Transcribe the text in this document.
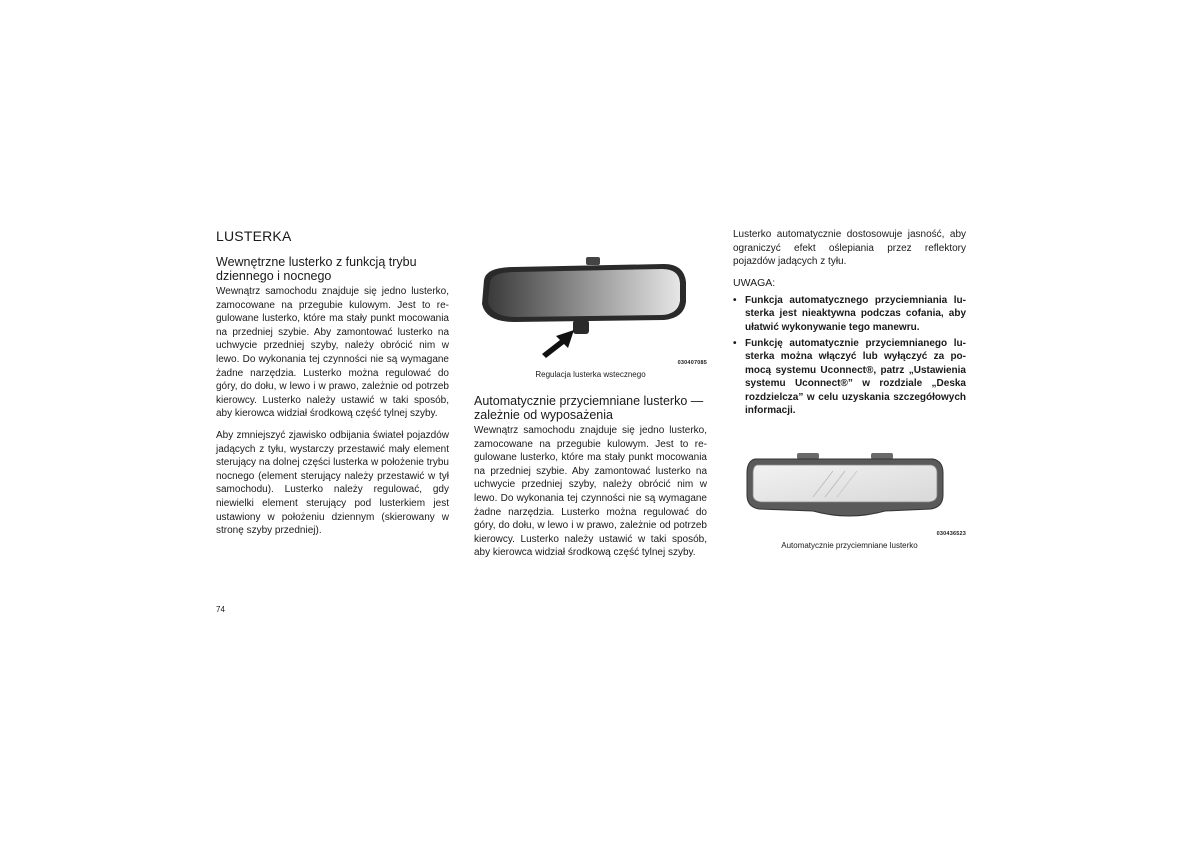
LUSTERKA
Wewnętrzne lusterko z funkcją trybu dziennego i nocnego

Wewnątrz samochodu znajduje się jedno lusterko, zamocowane na przegubie kulowym. Jest to regulowane lusterko, które ma stały punkt mocowania na przedniej szybie. Aby zamontować lusterko na uchwycie przedniej szyby, należy obrócić nim w lewo. Do wykonania tej czynności nie są wymagane żadne narzędzia. Lusterko można regulować do góry, do dołu, w lewo i w prawo, zależnie od potrzeb kierowcy. Lusterko należy ustawić w taki sposób, aby kierowca widział środkową część tylnej szyby.

Aby zmniejszyć zjawisko odbijania świateł pojazdów jadących z tyłu, wystarczy przestawić mały element sterujący na dolnej części lusterka w położenie trybu nocnego (element sterujący należy przestawić w tył samochodu). Lusterko należy regulować, gdy niewielki element sterujący pod lusterkiem jest ustawiony w położeniu dziennym (skierowany w stronę szyby przedniej).

030407085

Regulacja lusterka wstecznego

Automatycznie przyciemniane lusterko — zależnie od wyposażenia

Wewnątrz samochodu znajduje się jedno lusterko, zamocowane na przegubie kulowym. Jest to regulowane lusterko, które ma stały punkt mocowania na przedniej szybie. Aby zamontować lusterko na uchwycie przedniej szyby, należy obrócić nim w lewo. Do wykonania tej czynności nie są wymagane żadne narzędzia. Lusterko można regulować do góry, do dołu, w lewo i w prawo, zależnie od potrzeb kierowcy. Lusterko należy ustawić w taki sposób, aby kierowca widział środkową część tylnej szyby.

Lusterko automatycznie dostosowuje jasność, aby ograniczyć efekt oślepiania przez reflektory pojazdów jadących z tyłu.

UWAGA:

• Funkcja automatycznego przyciemniania lusterka jest nieaktywna podczas cofania, aby ułatwić wykonywanie tego manewru.
• Funkcję automatycznie przyciemnianego lusterka można włączyć lub wyłączyć za pomocą systemu Uconnect®, patrz „Ustawienia systemu Uconnect®” w rozdziale „Deska rozdzielcza” w celu uzyskania szczegółowych informacji.

030436523

Automatycznie przyciemniane lusterko

74
